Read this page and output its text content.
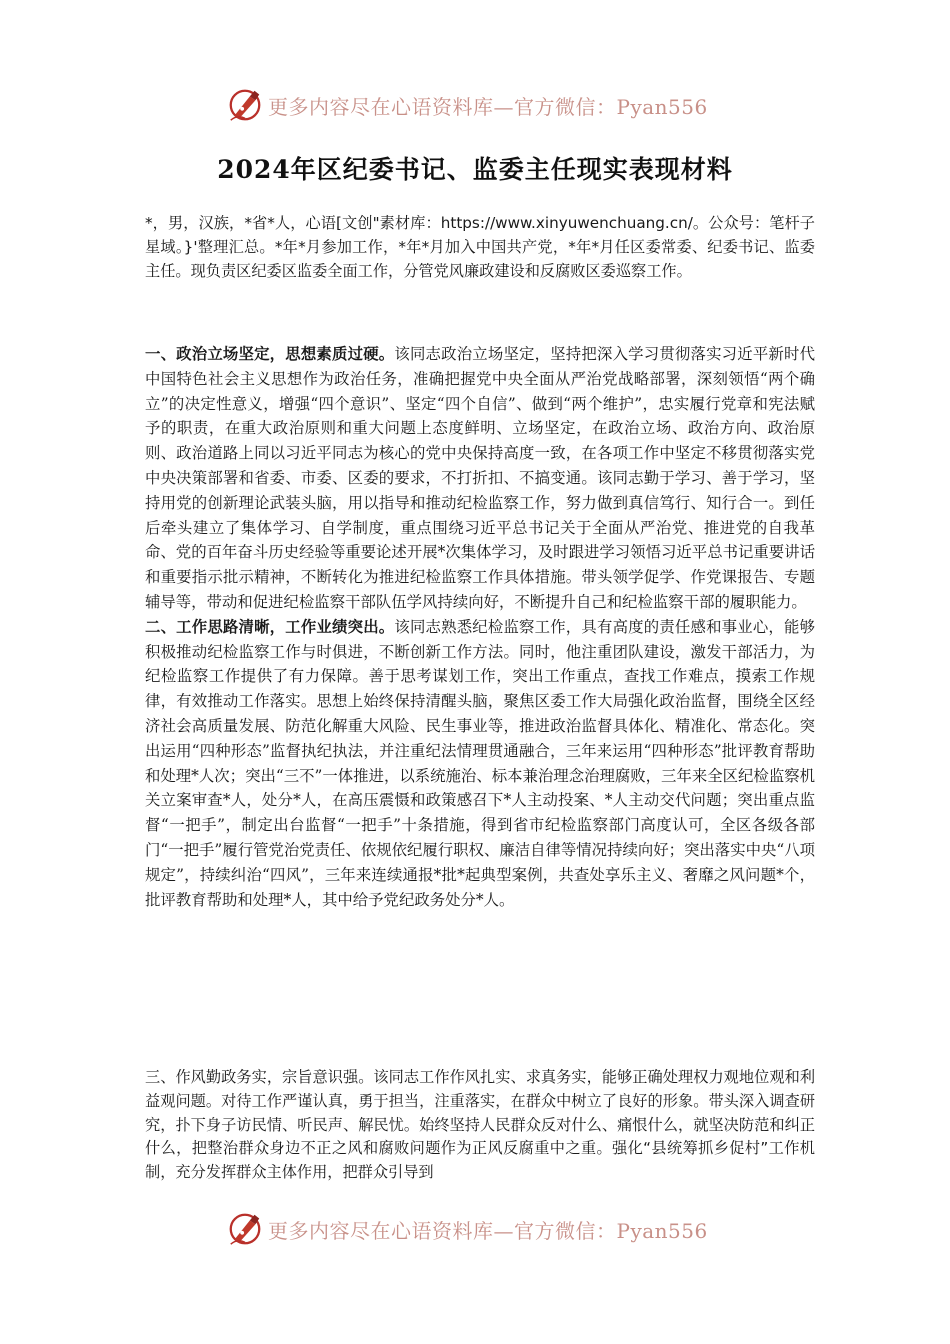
更多内容尽在心语资料库—官方微信：Pyan556
2024年区纪委书记、监委主任现实表现材料

*，男，汉族，*省*人，心语[文创"素材库：https://www.xinyuwenchuang.cn/。公众号：笔杆子星域。}'整理汇总。*年*月参加工作，*年*月加入中国共产党，*年*月任区委常委、纪委书记、监委主任。现负责区纪委区监委全面工作，分管党风廉政建设和反腐败区委巡察工作。

一、政治立场坚定，思想素质过硬。该同志政治立场坚定，坚持把深入学习贯彻落实习近平新时代中国特色社会主义思想作为政治任务，准确把握党中央全面从严治党战略部署，深刻领悟“两个确立”的决定性意义，增强“四个意识”、坚定“四个自信”、做到“两个维护”，忠实履行党章和宪法赋予的职责，在重大政治原则和重大问题上态度鲜明、立场坚定，在政治立场、政治方向、政治原则、政治道路上同以习近平同志为核心的党中央保持高度一致，在各项工作中坚定不移贯彻落实党中央决策部署和省委、市委、区委的要求，不打折扣、不搞变通。该同志勤于学习、善于学习，坚持用党的创新理论武装头脑，用以指导和推动纪检监察工作，努力做到真信笃行、知行合一。到任后牵头建立了集体学习、自学制度，重点围绕习近平总书记关于全面从严治党、推进党的自我革命、党的百年奋斗历史经验等重要论述开展*次集体学习，及时跟进学习领悟习近平总书记重要讲话和重要指示批示精神，不断转化为推进纪检监察工作具体措施。带头领学促学、作党课报告、专题辅导等，带动和促进纪检监察干部队伍学风持续向好，不断提升自己和纪检监察干部的履职能力。

二、工作思路清晰，工作业绩突出。该同志熟悉纪检监察工作，具有高度的责任感和事业心，能够积极推动纪检监察工作与时俱进，不断创新工作方法。同时，他注重团队建设，激发干部活力，为纪检监察工作提供了有力保障。善于思考谋划工作，突出工作重点，查找工作难点，摸索工作规律，有效推动工作落实。思想上始终保持清醒头脑，聚焦区委工作大局强化政治监督，围绕全区经济社会高质量发展、防范化解重大风险、民生事业等，推进政治监督具体化、精准化、常态化。突出运用“四种形态”监督执纪执法，并注重纪法情理贯通融合，三年来运用“四种形态”批评教育帮助和处理*人次；突出“三不”一体推进，以系统施治、标本兼治理念治理腐败，三年来全区纪检监察机关立案审查*人，处分*人，在高压震慑和政策感召下*人主动投案、*人主动交代问题；突出重点监督“一把手”，制定出台监督“一把手”十条措施，得到省市纪检监察部门高度认可，全区各级各部门“一把手”履行管党治党责任、依规依纪履行职权、廉洁自律等情况持续向好；突出落实中央“八项规定”，持续纠治“四风”，三年来连续通报*批*起典型案例，共查处享乐主义、奢靡之风问题*个，批评教育帮助和处理*人，其中给予党纪政务处分*人。

三、作风勤政务实，宗旨意识强。该同志工作作风扎实、求真务实，能够正确处理权力观地位观和利益观问题。对待工作严谨认真，勇于担当，注重落实，在群众中树立了良好的形象。带头深入调查研究，扑下身子访民情、听民声、解民忧。始终坚持人民群众反对什么、痛恨什么，就坚决防范和纠正什么，把整治群众身边不正之风和腐败问题作为正风反腐重中之重。强化“县统筹抓乡促村”工作机制，充分发挥群众主体作用，把群众引导到

更多内容尽在心语资料库—官方微信：Pyan556
